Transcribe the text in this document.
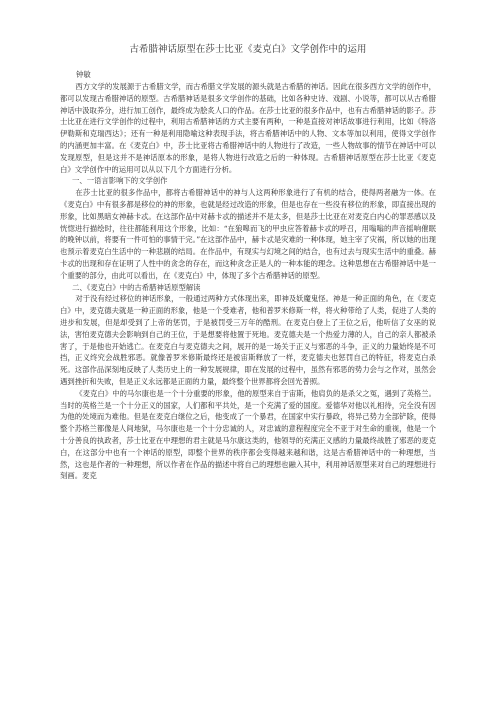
古希腊神话原型在莎士比亚《麦克白》文学创作中的运用
钟敏

西方文学的发展源于古希腊文学，而古希腊文学发展的源头就是古希腊的神话。因此在很多西方文学的创作中，都可以发现古希腊神话的原型。古希腊神话是很多文学创作的基础，比如各种史诗、戏剧、小说等，都可以从古希腊神话中汲取养分，进行加工创作，最终成为脍炙人口的作品。在莎士比亚的很多作品中，也有古希腊神话的影子。莎士比亚在进行文学创作的过程中，利用古希腊神话的方式主要有两种，一种是直接对神话故事进行利用，比如《特洛伊勒斯和克瑞西达》；还有一种是利用隐喻这种表现手法，将古希腊神话中的人物、文本等加以利用，使得文学创作的内涵更加丰富。在《麦克白》中，莎士比亚将古希腊神话中的人物进行了改造，一些人物故事的情节在神话中可以发现原型，但是这并不是神话原本的形象，是将人物进行改造之后的一种体现。古希腊神话原型在莎士比亚《麦克白》文学创作中的运用可以从以下几个方面进行分析。

一、一语言影响下的文学创作

在莎士比亚的很多作品中，都将古希腊神话中的神与人这两种形象进行了有机的结合，使得两者融为一体。在《麦克白》中有很多都是移位的神的形象，也就是经过改造的形象，但是也存在一些没有移位的形象，即直接出现的形象，比如黑暗女神赫卡忒。在这部作品中对赫卡忒的描述并不是太多，但是莎士比亚在对麦克白内心的罪恶感以及恍惚进行描绘时，往往都能利用这个形象，比如：“在狼嗥而飞的甲虫应答着赫卡忒的呼召，用嗡嗡的声音摇响催眠的晚钟以前，将要有一件可怕的事情干完。”在这部作品中，赫卡忒是灾难的一种体现，她主宰了灾祸，所以她的出现也预示着麦克白生活中的一种悲剧的结局。在作品中，有现实与幻境之间的结合，也有过去与现实生活中的重叠。赫卡忒的出现和存在证明了人性中的贪念的存在，而这种贪念正是人的一种本能的理念。这种思想在古希腊神话中是一个重要的部分，由此可以看出，在《麦克白》中，体现了多个古希腊神话的原型。

二、《麦克白》中的古希腊神话原型解读

对于没有经过移位的神话形象，一般通过两种方式体现出来，即神及妖魔鬼怪。神是一种正面的角色，在《麦克白》中，麦克德夫就是一种正面的形象，他是一个受难者，他和普罗米修斯一样，将火种带给了人类，促进了人类的进步和发展，但是却受到了上帝的惩罚，于是被罚受三万年的酷刑。在麦克白登上了王位之后，他听信了女巫的说法，害怕麦克德夫会影响到自己的王位，于是想要将他置于死地。麦克德夫是一个热爱力薄的人，自己的亲人都被杀害了，于是他也开始逃亡。在麦克白与麦克德夫之间，展开的是一场关于正义与邪恶的斗争，正义的力量始终是不可挡，正义终究会战胜邪恶。就像普罗米修斯最终还是被宙斯释放了一样，麦克德夫也惩罚自己的特征，将麦克白杀死。这部作品深刻地反映了人类历史上的一种发展规律，即在发展的过程中，虽然有邪恶的势力会与之作对，虽然会遇到挫折和失败，但是正义永远都是正面的力量，最终整个世界都将会回光普照。

《麦克白》中的马尔康也是一个十分重要的形象，他的原型来自于宙斯，他肩负的是杀父之冤，遇到了英格兰。当时的英格兰是一个十分正义的国家，人们都和平共处，是一个充满了爱的国度。爱德华对他以礼相待，完全没有因为他的处境而为难他。但是在麦克白继位之后，他变成了一个暴君，在国家中实行暴政，将异己势力全部铲除，使得整个苏格兰都像是人间地狱，马尔康也是一个十分忠诚的人，对忠诚的意程程度完全不亚于对生命的重视，他是一个十分善良的执政者，莎士比亚在中理想的君主就是马尔康这类的，他领导的充满正义感的力量最终战胜了邪恶的麦克白，在这部分中也有一个神话的原型，即整个世界的秩序都会变得越来越和谐，这是古希腊神话中的一种理想，当然，这也是作者的一种理想，所以作者在作品的描述中将自己的理想也融入其中，利用神话原型来对自己的理想进行刻画。麦克
